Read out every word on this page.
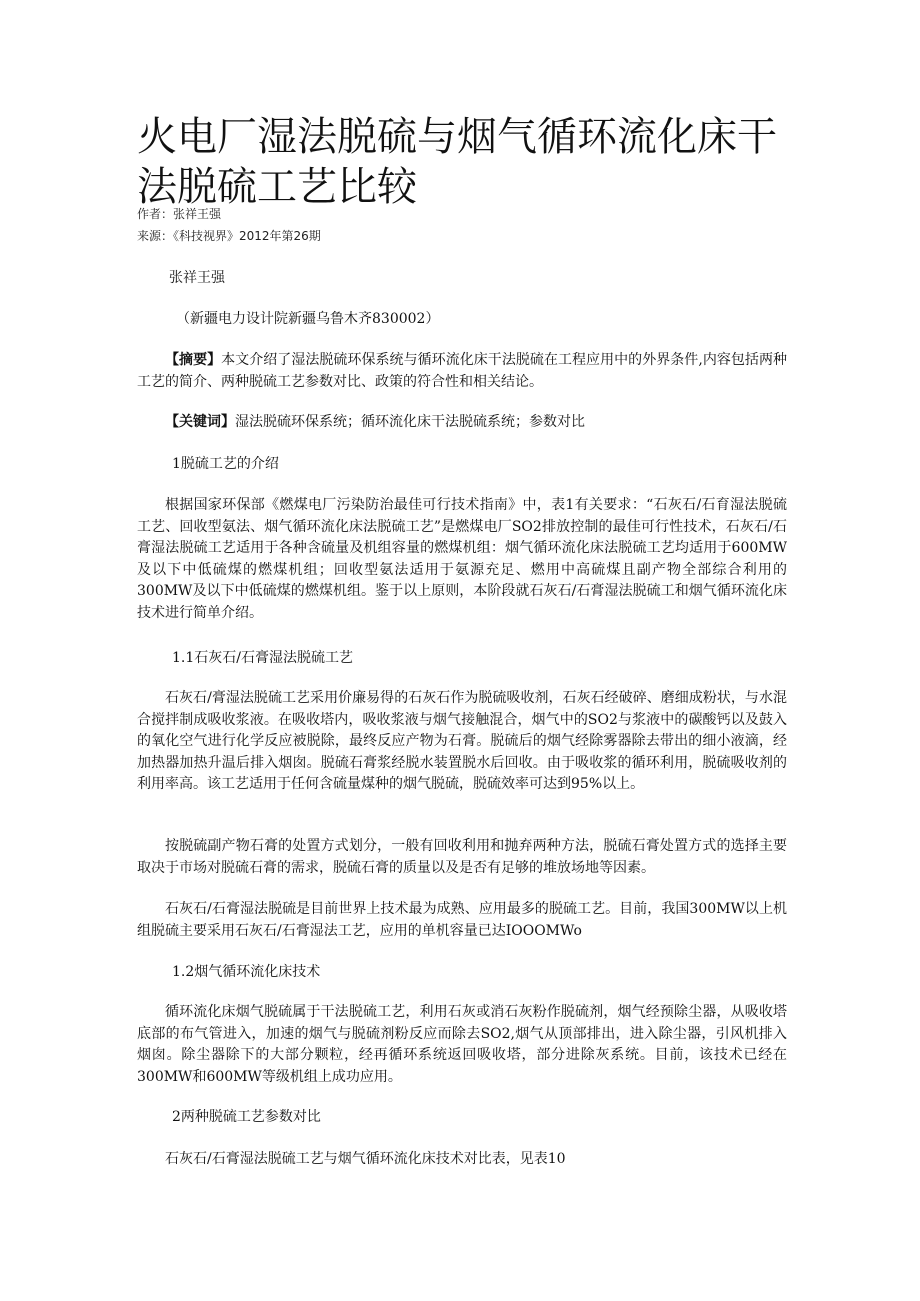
火电厂湿法脱硫与烟气循环流化床干法脱硫工艺比较
作者：张祥王强
来源：《科技视界》2012年第26期

张祥王强

（新疆电力设计院新疆乌鲁木齐830002）

【摘要】本文介绍了湿法脱硫环保系统与循环流化床干法脱硫在工程应用中的外界条件,内容包括两种工艺的简介、两种脱硫工艺参数对比、政策的符合性和相关结论。

【关键词】湿法脱硫环保系统；循环流化床干法脱硫系统；参数对比

1脱硫工艺的介绍

根据国家环保部《燃煤电厂污染防治最佳可行技术指南》中，表1有关要求：“石灰石/石育湿法脱硫工艺、回收型氨法、烟气循环流化床法脱硫工艺”是燃煤电厂SO2排放控制的最佳可行性技术，石灰石/石膏湿法脱硫工艺适用于各种含硫量及机组容量的燃煤机组：烟气循环流化床法脱硫工艺均适用于600MW及以下中低硫煤的燃煤机组；回收型氨法适用于氨源充足、燃用中高硫煤且副产物全部综合利用的300MW及以下中低硫煤的燃煤机组。鉴于以上原则，本阶段就石灰石/石膏湿法脱硫工和烟气循环流化床技术进行简单介绍。

1.1石灰石/石膏湿法脱硫工艺

石灰石/膏湿法脱硫工艺采用价廉易得的石灰石作为脱硫吸收剂，石灰石经破碎、磨细成粉状，与水混合搅拌制成吸收浆液。在吸收塔内，吸收浆液与烟气接触混合，烟气中的SO2与浆液中的碳酸钙以及鼓入的氧化空气进行化学反应被脱除，最终反应产物为石膏。脱硫后的烟气经除雾器除去带出的细小液滴，经加热器加热升温后排入烟囱。脱硫石膏浆经脱水装置脱水后回收。由于吸收浆的循环利用，脱硫吸收剂的利用率高。该工艺适用于任何含硫量煤种的烟气脱硫，脱硫效率可达到95%以上。

按脱硫副产物石膏的处置方式划分，一般有回收利用和抛弃两种方法，脱硫石膏处置方式的选择主要取决于市场对脱硫石膏的需求，脱硫石膏的质量以及是否有足够的堆放场地等因素。

石灰石/石膏湿法脱硫是目前世界上技术最为成熟、应用最多的脱硫工艺。目前，我国300MW以上机组脱硫主要采用石灰石/石膏湿法工艺，应用的单机容量已达IOOOMWo

1.2烟气循环流化床技术

循环流化床烟气脱硫属于干法脱硫工艺，利用石灰或消石灰粉作脱硫剂，烟气经预除尘器，从吸收塔底部的布气管进入，加速的烟气与脱硫剂粉反应而除去SO2,烟气从顶部排出，进入除尘器，引风机排入烟囱。除尘器除下的大部分颗粒，经再循环系统返回吸收塔，部分进除灰系统。目前，该技术已经在300MW和600MW等级机组上成功应用。

2两种脱硫工艺参数对比

石灰石/石膏湿法脱硫工艺与烟气循环流化床技术对比表，见表10
